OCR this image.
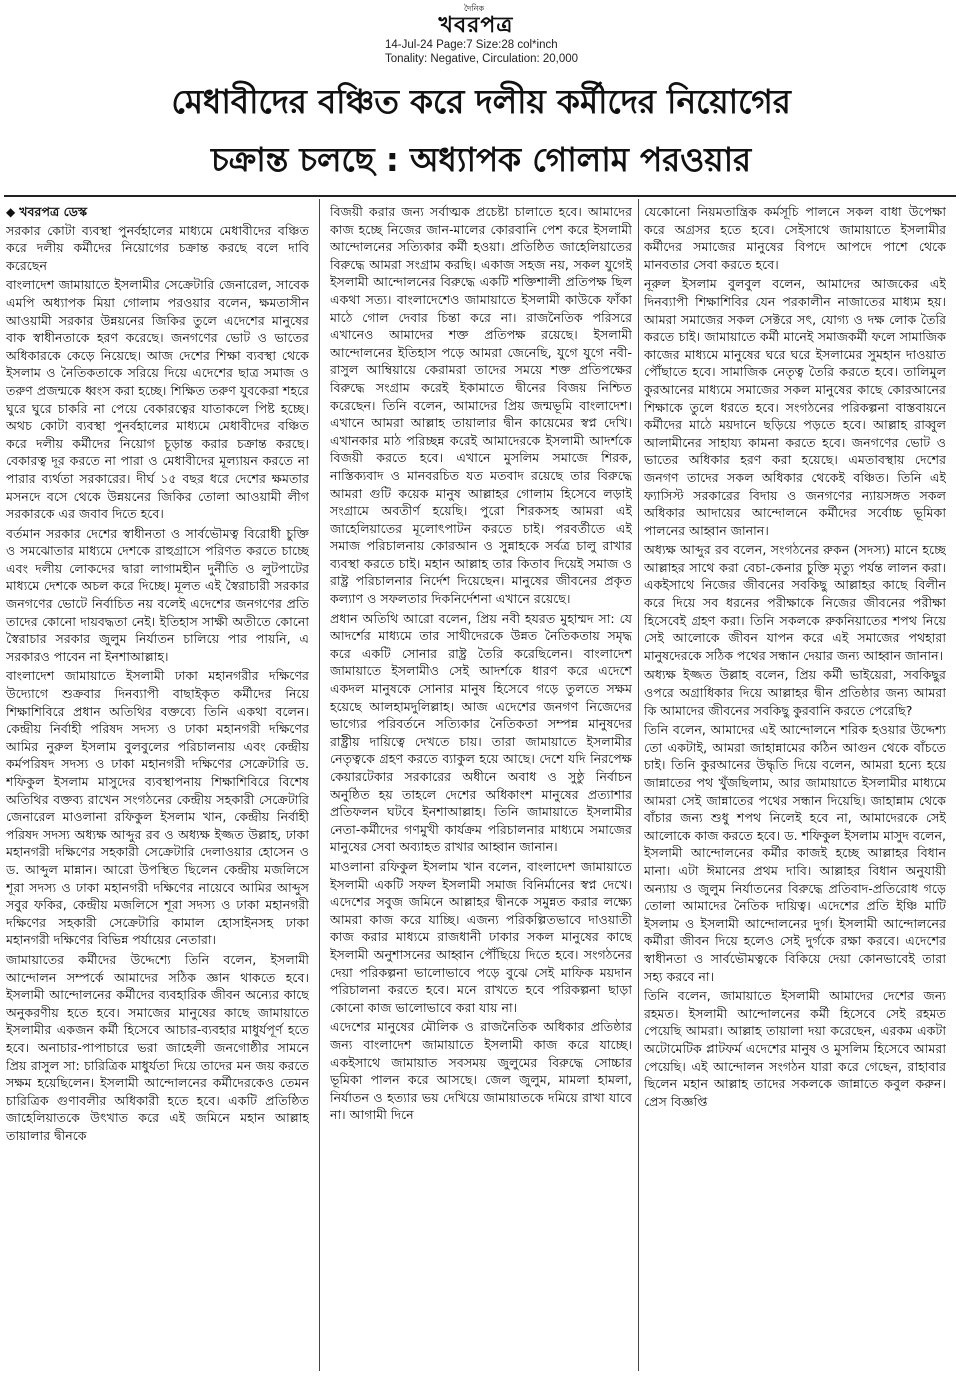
দৈনিক
খবরপত্র
14-Jul-24 Page:7 Size:28 col*inch
Tonality: Negative, Circulation: 20,000
মেধাবীদের বঞ্চিত করে দলীয় কর্মীদের নিয়োগের
চক্রান্ত চলছে : অধ্যাপক গোলাম পরওয়ার
◆ খবরপত্র ডেস্ক

সরকার কোটা ব্যবস্থা পুনর্বহালের মাধ্যমে মেধাবীদের বঞ্চিত করে দলীয় কর্মীদের নিয়োগের চক্রান্ত করছে বলে দাবি করেছেন

বাংলাদেশ জামায়াতে ইসলামীর সেক্রেটারি জেনারেল, সাবেক এমপি অধ্যাপক মিয়া গোলাম পরওয়ার বলেন, ক্ষমতাসীন আওয়ামী সরকার উন্নয়নের জিকির তুলে এদেশের মানুষের বাক স্বাধীনতাকে হরণ করেছে। জনগণের ভোট ও ভাতের অধিকারকে কেড়ে নিয়েছে। আজ দেশের শিক্ষা ব্যবস্থা থেকে ইসলাম ও নৈতিকতাকে সরিয়ে দিয়ে এদেশের ছাত্র সমাজ ও তরুণ প্রজন্মকে ধ্বংস করা হচ্ছে। শিক্ষিত তরুণ যুবকেরা শহরে ঘুরে ঘুরে চাকরি না পেয়ে বেকারত্বের যাতাকলে পিষ্ট হচ্ছে। অথচ কোটা ব্যবস্থা পুনর্বহালের মাধ্যমে মেধাবীদের বঞ্চিত করে দলীয় কর্মীদের নিয়োগ চূড়ান্ত করার চক্রান্ত করছে। বেকারত্ব দূর করতে না পারা ও মেধাবীদের মূল্যায়ন করতে না পারার ব্যর্থতা সরকারের। দীর্ঘ ১৫ বছর ধরে দেশের ক্ষমতার মসনদে বসে থেকে উন্নয়নের জিকির তোলা আওয়ামী লীগ সরকারকে এর জবাব দিতে হবে।

বর্তমান সরকার দেশের স্বাধীনতা ও সার্বভৌমত্ব বিরোধী চুক্তি ও সমঝোতার মাধ্যমে দেশকে রাহুগ্রাসে পরিণত করতে চাচ্ছে এবং দলীয় লোকদের দ্বারা লাগামহীন দুর্নীতি ও লুটপাটের মাধ্যমে দেশকে অচল করে দিচ্ছে। মূলত এই স্বৈরাচারী সরকার জনগণের ভোটে নির্বাচিত নয় বলেই এদেশের জনগণের প্রতি তাদের কোনো দায়বদ্ধতা নেই। ইতিহাস সাক্ষী অতীতে কোনো স্বৈরাচার সরকার জুলুম নির্যাতন চালিয়ে পার পায়নি, এ সরকারও পাবেন না ইনশাআল্লাহ।

বাংলাদেশ জামায়াতে ইসলামী ঢাকা মহানগরীর দক্ষিণের উদ্যোগে শুক্রবার দিনব্যাপী বাছাইকৃত কর্মীদের নিয়ে শিক্ষাশিবিরে প্রধান অতিথির বক্তব্যে তিনি একথা বলেন। কেন্দ্রীয় নির্বাহী পরিষদ সদস্য ও ঢাকা মহানগরী দক্ষিণের আমির নুরুল ইসলাম বুলবুলের পরিচালনায় এবং কেন্দ্রীয় কর্মপরিষদ সদস্য ও ঢাকা মহানগরী দক্ষিণের সেক্রেটারি ড. শফিকুল ইসলাম মাসুদের ব্যবস্থাপনায় শিক্ষাশিবিরে বিশেষ অতিথির বক্তব্য রাখেন সংগঠনের কেন্দ্রীয় সহকারী সেক্রেটারি জেনারেল মাওলানা রফিকুল ইসলাম খান, কেন্দ্রীয় নির্বাহী পরিষদ সদস্য অধ্যক্ষ আব্দুর রব ও অধ্যক্ষ ইজ্জত উল্লাহ, ঢাকা মহানগরী দক্ষিণের সহকারী সেক্রেটারি দেলাওয়ার হোসেন ও ড. আব্দুল মান্নান। আরো উপস্থিত ছিলেন কেন্দ্রীয় মজলিসে শূরা সদস্য ও ঢাকা মহানগরী দক্ষিণের নায়েবে আমির আব্দুস সবুর ফকির, কেন্দ্রীয় মজলিসে শূরা সদস্য ও ঢাকা মহানগরী দক্ষিণের সহকারী সেক্রেটারি কামাল হোসাইনসহ ঢাকা মহানগরী দক্ষিণের বিভিন্ন পর্যায়ের নেতারা।

জামায়াতের কর্মীদের উদ্দেশ্যে তিনি বলেন, ইসলামী আন্দোলন সম্পর্কে আমাদের সঠিক জ্ঞান থাকতে হবে। ইসলামী আন্দোলনের কর্মীদের ব্যবহারিক জীবন অন্যের কাছে অনুকরণীয় হতে হবে। সমাজের মানুষের কাছে জামায়াতে ইসলামীর একজন কর্মী হিসেবে আচার-ব্যবহার মাধুর্যপূর্ণ হতে হবে। অনাচার-পাপাচারে ভরা জাহেলী জনগোষ্ঠীর সামনে প্রিয় রাসুল সা: চারিত্রিক মাধুর্যতা দিয়ে তাদের মন জয় করতে সক্ষম হয়েছিলেন। ইসলামী আন্দোলনের কর্মীদেরকেও তেমন চারিত্রিক গুণাবলীর অধিকারী হতে হবে। একটি প্রতিষ্ঠিত জাহেলিয়াতকে উৎখাত করে এই জমিনে মহান আল্লাহ তায়ালার দ্বীনকে

বিজয়ী করার জন্য সর্বাত্মক প্রচেষ্টা চালাতে হবে। আমাদের কাজ হচ্ছে নিজের জান-মালের কোরবানি পেশ করে ইসলামী আন্দোলনের সত্যিকার কর্মী হওয়া। প্রতিষ্ঠিত জাহেলিয়াতের বিরুদ্ধে আমরা সংগ্রাম করছি। একাজ সহজ নয়, সকল যুগেই ইসলামী আন্দোলনের বিরুদ্ধে একটি শক্তিশালী প্রতিপক্ষ ছিল একথা সত্য। বাংলাদেশেও জামায়াতে ইসলামী কাউকে ফাঁকা মাঠে গোল দেবার চিন্তা করে না। রাজনৈতিক পরিসরে এখানেও আমাদের শক্ত প্রতিপক্ষ রয়েছে। ইসলামী আন্দোলনের ইতিহাস পড়ে আমরা জেনেছি, যুগে যুগে নবী-রাসুল আম্বিয়ায়ে কেরামরা তাদের সময়ে শক্ত প্রতিপক্ষের বিরুদ্ধে সংগ্রাম করেই ইকামাতে দ্বীনের বিজয় নিশ্চিত করেছেন। তিনি বলেন, আমাদের প্রিয় জন্মভূমি বাংলাদেশ। এখানে আমরা আল্লাহ তায়ালার দ্বীন কায়েমের স্বপ্ন দেখি। এখানকার মাঠ পরিচ্ছন্ন করেই আমাদেরকে ইসলামী আদর্শকে বিজয়ী করতে হবে। এখানে মুসলিম সমাজে শিরক, নাস্তিক্যবাদ ও মানবরচিত যত মতবাদ রয়েছে তার বিরুদ্ধে আমরা গুটি কয়েক মানুষ আল্লাহর গোলাম হিসেবে লড়াই সংগ্রামে অবতীর্ণ হয়েছি। পুরো শিরকসহ আমরা এই জাহেলিয়াতের মূলোৎপাটন করতে চাই। পরবর্তীতে এই সমাজ পরিচালনায় কোরআন ও সুন্নাহকে সর্বত্র চালু রাখার ব্যবস্থা করতে চাই। মহান আল্লাহ তার কিতাব দিয়েই সমাজ ও রাষ্ট্র পরিচালনার নির্দেশ দিয়েছেন। মানুষের জীবনের প্রকৃত কল্যাণ ও সফলতার দিকনির্দেশনা এখানে রয়েছে।

প্রধান অতিথি আরো বলেন, প্রিয় নবী হযরত মুহাম্মদ সা: যে আদর্শের মাধ্যমে তার সাথীদেরকে উন্নত নৈতিকতায় সমৃদ্ধ করে একটি সোনার রাষ্ট্র তৈরি করেছিলেন। বাংলাদেশ জামায়াতে ইসলামীও সেই আদর্শকে ধারণ করে এদেশে একদল মানুষকে সোনার মানুষ হিসেবে গড়ে তুলতে সক্ষম হয়েছে আলহামদুলিল্লাহ। আজ এদেশের জনগণ নিজেদের ভাগ্যের পরিবর্তনে সত্যিকার নৈতিকতা সম্পন্ন মানুষদের রাষ্ট্রীয় দায়িত্বে দেখতে চায়। তারা জামায়াতে ইসলামীর নেতৃত্বকে গ্রহণ করতে ব্যাকুল হয়ে আছে। দেশে যদি নিরপেক্ষ কেয়ারটেকার সরকারের অধীনে অবাধ ও সুষ্ঠু নির্বাচন অনুষ্ঠিত হয় তাহলে দেশের অধিকাংশ মানুষের প্রত্যাশার প্রতিফলন ঘটবে ইনশাআল্লাহ। তিনি জামায়াতে ইসলামীর নেতা-কর্মীদের গণমুখী কার্যক্রম পরিচালনার মাধ্যমে সমাজের মানুষের সেবা অব্যাহত রাখার আহ্বান জানান।

মাওলানা রফিকুল ইসলাম খান বলেন, বাংলাদেশ জামায়াতে ইসলামী একটি সফল ইসলামী সমাজ বিনির্মানের স্বপ্ন দেখে। এদেশের সবুজ জমিনে আল্লাহর দ্বীনকে সমুন্নত করার লক্ষ্যে আমরা কাজ করে যাচ্ছি। এজন্য পরিকল্পিতভাবে দাওয়াতী কাজ করার মাধ্যমে রাজধানী ঢাকার সকল মানুষের কাছে ইসলামী অনুশাসনের আহ্বান পৌঁছিয়ে দিতে হবে। সংগঠনের দেয়া পরিকল্পনা ভালোভাবে পড়ে বুঝে সেই মাফিক ময়দান পরিচালনা করতে হবে। মনে রাখতে হবে পরিকল্পনা ছাড়া কোনো কাজ ভালোভাবে করা যায় না।

এদেশের মানুষের মৌলিক ও রাজনৈতিক অধিকার প্রতিষ্ঠার জন্য বাংলাদেশ জামায়াতে ইসলামী কাজ করে যাচ্ছে। একইসাথে জামায়াত সবসময় জুলুমের বিরুদ্ধে সোচ্চার ভূমিকা পালন করে আসছে। জেল জুলুম, মামলা হামলা, নির্যাতন ও হত্যার ভয় দেখিয়ে জামায়াতকে দমিয়ে রাখা যাবে না। আগামী দিনে

যেকোনো নিয়মতান্ত্রিক কর্মসূচি পালনে সকল বাধা উপেক্ষা করে অগ্রসর হতে হবে। সেইসাথে জামায়াতে ইসলামীর কর্মীদের সমাজের মানুষের বিপদে আপদে পাশে থেকে মানবতার সেবা করতে হবে।

নূরুল ইসলাম বুলবুল বলেন, আমাদের আজকের এই দিনব্যাপী শিক্ষাশিবির যেন পরকালীন নাজাতের মাধ্যম হয়। আমরা সমাজের সকল সেক্টরে সৎ, যোগ্য ও দক্ষ লোক তৈরি করতে চাই। জামায়াতে কর্মী মানেই সমাজকর্মী ফলে সামাজিক কাজের মাধ্যমে মানুষের ঘরে ঘরে ইসলামের সুমহান দাওয়াত পৌঁছাতে হবে। সামাজিক নেতৃত্ব তৈরি করতে হবে। তালিমুল কুরআনের মাধ্যমে সমাজের সকল মানুষের কাছে কোরআনের শিক্ষাকে তুলে ধরতে হবে। সংগঠনের পরিকল্পনা বাস্তবায়নে কর্মীদের মাঠে ময়দানে ছড়িয়ে পড়তে হবে। আল্লাহ রাব্বুল আলামীনের সাহায্য কামনা করতে হবে। জনগণের ভোট ও ভাতের অধিকার হরণ করা হয়েছে। এমতাবস্থায় দেশের জনগণ তাদের সকল অধিকার থেকেই বঞ্চিত। তিনি এই ফ্যাসিস্ট সরকারের বিদায় ও জনগণের ন্যায়সঙ্গত সকল অধিকার আদায়ের আন্দোলনে কর্মীদের সর্বোচ্চ ভূমিকা পালনের আহ্বান জানান।

অধ্যক্ষ আব্দুর রব বলেন, সংগঠনের রুকন (সদস্য) মানে হচ্ছে আল্লাহর সাথে করা বেচা-কেনার চুক্তি মৃত্যু পর্যন্ত লালন করা। একইসাথে নিজের জীবনের সবকিছু আল্লাহর কাছে বিলীন করে দিয়ে সব ধরনের পরীক্ষাকে নিজের জীবনের পরীক্ষা হিসেবেই গ্রহণ করা। তিনি সকলকে রুকনিয়াতের শপথ নিয়ে সেই আলোকে জীবন যাপন করে এই সমাজের পথহারা মানুষদেরকে সঠিক পথের সন্ধান দেয়ার জন্য আহ্বান জানান।

অধ্যক্ষ ইজ্জত উল্লাহ বলেন, প্রিয় কর্মী ভাইয়েরা, সবকিছুর ওপরে অগ্রাধিকার দিয়ে আল্লাহর দ্বীন প্রতিষ্ঠার জন্য আমরা কি আমাদের জীবনের সবকিছু কুরবানি করতে পেরেছি?

তিনি বলেন, আমাদের এই আন্দোলনে শরিক হওয়ার উদ্দেশ্য তো একটাই, আমরা জাহান্নামের কঠিন আগুন থেকে বাঁচতে চাই। তিনি কুরআনের উদ্ধৃতি দিয়ে বলেন, আমরা হন্যে হয়ে জান্নাতের পথ খুঁজছিলাম, আর জামায়াতে ইসলামীর মাধ্যমে আমরা সেই জান্নাতের পথের সন্ধান দিয়েছি। জাহান্নাম থেকে বাঁচার জন্য শুধু শপথ নিলেই হবে না, আমাদেরকে সেই আলোকে কাজ করতে হবে। ড. শফিকুল ইসলাম মাসুদ বলেন, ইসলামী আন্দোলনের কর্মীর কাজই হচ্ছে আল্লাহর বিধান মানা। এটা ঈমানের প্রথম দাবি। আল্লাহর বিধান অনুযায়ী অন্যায় ও জুলুম নির্যাতনের বিরুদ্ধে প্রতিবাদ-প্রতিরোধ গড়ে তোলা আমাদের নৈতিক দায়িত্ব। এদেশের প্রতি ইঞ্চি মাটি ইসলাম ও ইসলামী আন্দোলনের দুর্গ। ইসলামী আন্দোলনের কর্মীরা জীবন দিয়ে হলেও সেই দুর্গকে রক্ষা করবে। এদেশের স্বাধীনতা ও সার্বভৌমত্বকে বিকিয়ে দেয়া কোনভাবেই তারা সহ্য করবে না।

তিনি বলেন, জামায়াতে ইসলামী আমাদের দেশের জন্য রহমত। ইসলামী আন্দোলনের কর্মী হিসেবে সেই রহমত পেয়েছি আমরা। আল্লাহ তায়ালা দয়া করেছেন, এরকম একটা অটোমেটিক প্লাটফর্ম এদেশের মানুষ ও মুসলিম হিসেবে আমরা পেয়েছি। এই আন্দোলন সংগঠন যারা করে গেছেন, রাহাবার ছিলেন মহান আল্লাহ তাদের সকলকে জান্নাতে কবুল করুন। প্রেস বিজ্ঞপ্তি
